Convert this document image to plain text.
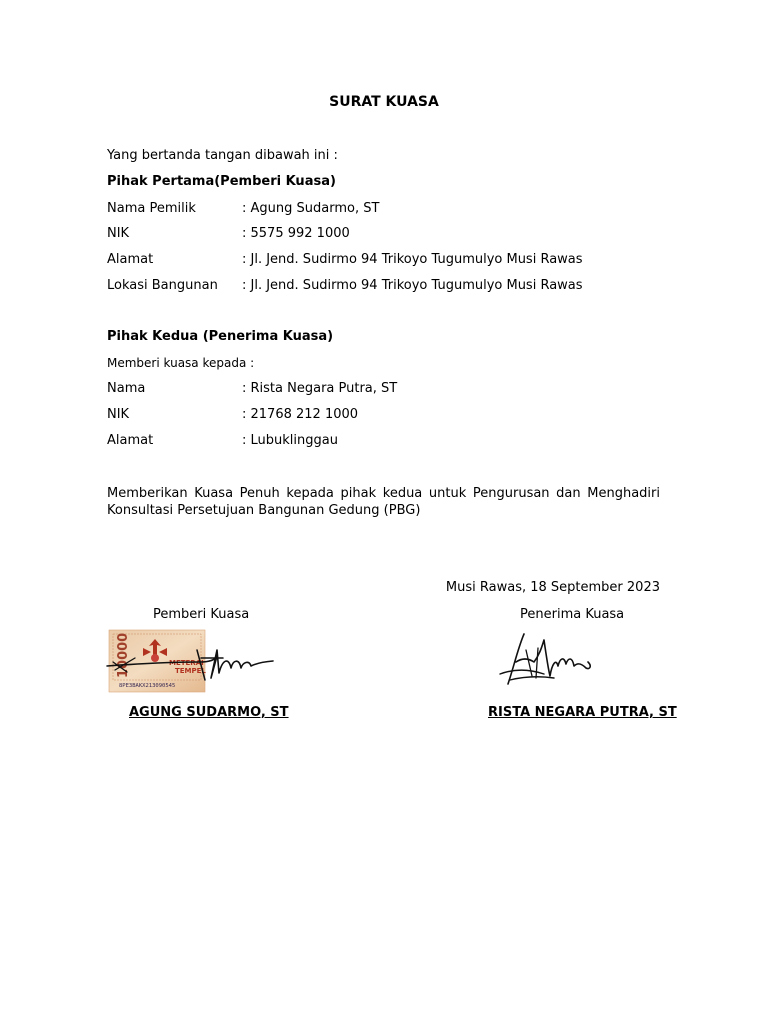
SURAT KUASA
Yang bertanda tangan dibawah ini :
Pihak Pertama(Pemberi Kuasa)
Nama Pemilik	: Agung Sudarmo, ST
NIK	: 5575 992 1000
Alamat	: Jl. Jend. Sudirmo 94 Trikoyo Tugumulyo Musi Rawas
Lokasi Bangunan : Jl. Jend. Sudirmo 94 Trikoyo Tugumulyo Musi Rawas
Pihak Kedua (Penerima Kuasa)
Memberi kuasa kepada :
Nama	: Rista Negara Putra, ST
NIK	: 21768 212 1000
Alamat	: Lubuklinggau
Memberikan Kuasa Penuh kepada pihak kedua untuk Pengurusan dan Menghadiri Konsultasi Persetujuan Bangunan Gedung (PBG)
Musi Rawas, 18 September 2023
Pemberi Kuasa	Penerima Kuasa
10000	METERAI
TEMPEL
8PE3BAKX213090545
AGUNG SUDARMO, ST	RISTA NEGARA PUTRA, ST
